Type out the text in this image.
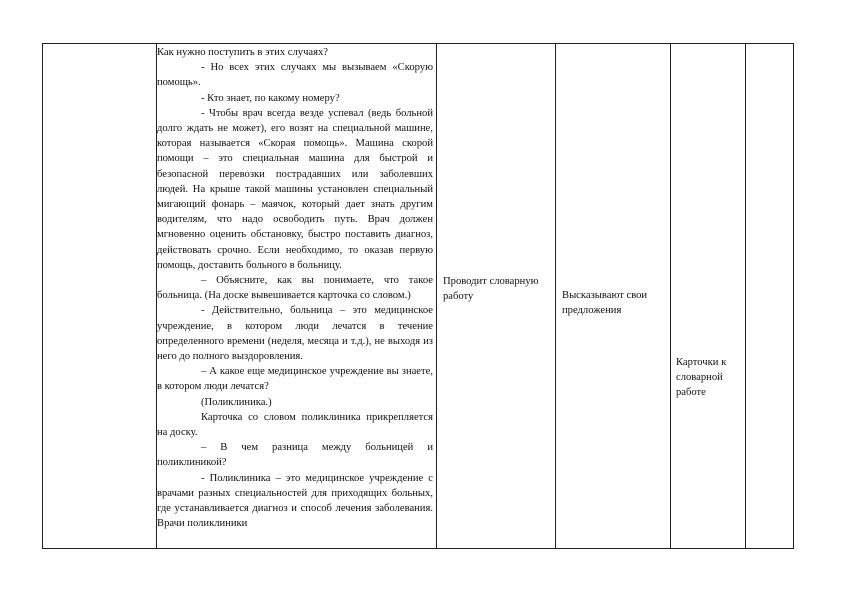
Как нужно поступить в этих случаях?

- Но всех этих случаях мы вызываем «Скорую помощь».

- Кто знает, по какому номеру?

- Чтобы врач всегда везде успевал (ведь больной долго ждать не может), его возят на специальной машине, которая называется «Скорая помощь». Машина скорой помощи – это специальная машина для быстрой и безопасной перевозки пострадавших или заболевших людей. На крыше такой машины установлен специальный мигающий фонарь – маячок, который дает знать другим водителям, что надо освободить путь. Врач должен мгновенно оценить обстановку, быстро поставить диагноз, действовать срочно. Если необходимо, то оказав первую помощь, доставить больного в больницу.

– Объясните, как вы понимаете, что такое больница. (На доске вывешивается карточка со словом.)

- Действительно, больница – это медицинское учреждение, в котором люди лечатся в течение определенного времени (неделя, месяца и т.д.), не выходя из него до полного выздоровления.

– А какое еще медицинское учреждение вы знаете, в котором люди лечатся?

(Поликлиника.)

Карточка со словом поликлиника прикрепляется на доску.

– В чем разница между больницей и поликлиникой?

- Поликлиника – это медицинское учреждение с врачами разных специальностей для приходящих больных, где устанавливается диагноз и способ лечения заболевания. Врачи поликлиники

Проводит словарную работу	Высказывают свои предложения
Карточки к словарной работе
